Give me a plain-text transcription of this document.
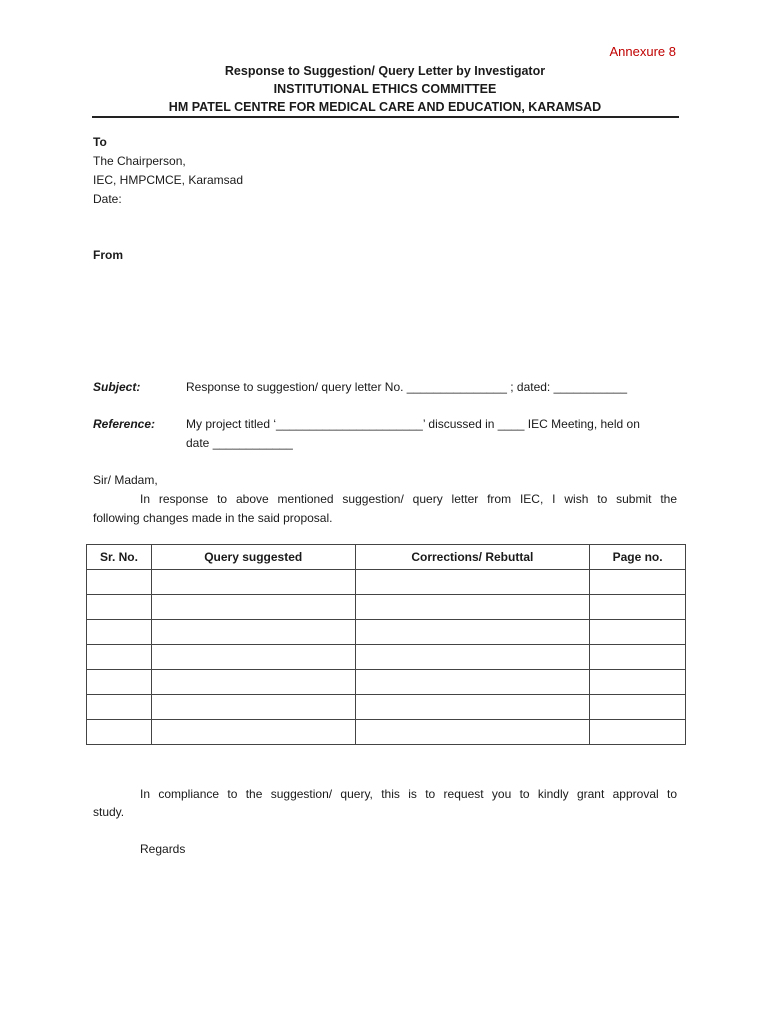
Annexure 8
Response to Suggestion/ Query Letter by Investigator
INSTITUTIONAL ETHICS COMMITTEE
HM PATEL CENTRE FOR MEDICAL CARE AND EDUCATION, KARAMSAD
To
The Chairperson,
IEC, HMPCMCE, Karamsad
Date:
From
Subject:	Response to suggestion/ query letter No. _______________ ; dated: ___________
Reference:	My project titled ‘______________________’ discussed in ____ IEC Meeting, held on
date ____________
Sir/ Madam,
In response to above mentioned suggestion/ query letter from IEC, I wish to submit the
following changes made in the said proposal.
Sr. No.	Query suggested	Corrections/ Rebuttal	Page no.

In compliance to the suggestion/ query, this is to request you to kindly grant approval to
study.
Regards
